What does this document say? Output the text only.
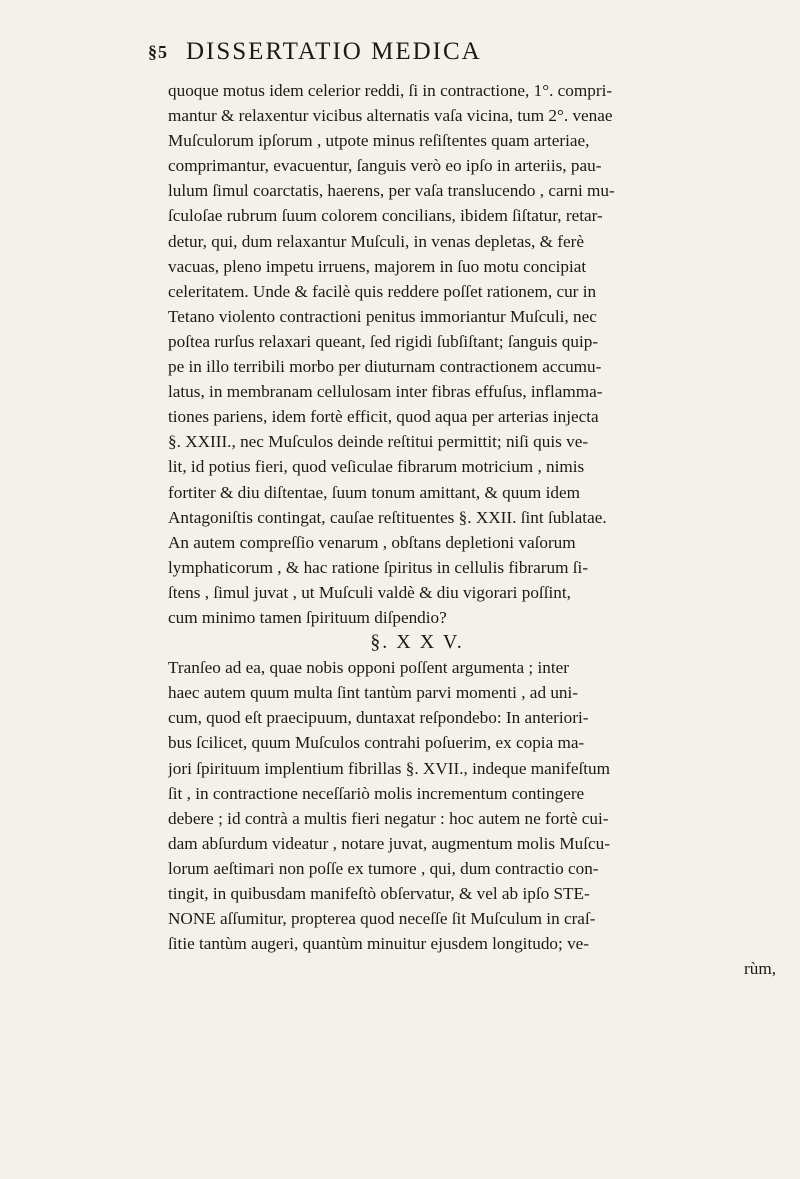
§5 DISSERTATIO MEDICA
quoque motus idem celerior reddi, ſi in contractione, 1°. compri-
mantur & relaxentur vicibus alternatis vaſa vicina, tum 2°. venae
Muſculorum ipſorum , utpote minus reſiſtentes quam arteriae,
comprimantur, evacuentur, ſanguis verò eo ipſo in arteriis, pau-
lulum ſimul coarctatis, haerens, per vaſa translucendo , carni mu-
ſculoſae rubrum ſuum colorem concilians, ibidem ſiſtatur, retar-
detur, qui, dum relaxantur Muſculi, in venas depletas, & ferè
vacuas, pleno impetu irruens, majorem in ſuo motu concipiat
celeritatem. Unde & facilè quis reddere poſſet rationem, cur in
Tetano violento contractioni penitus immoriantur Muſculi, nec
poſtea rurſus relaxari queant, ſed rigidi ſubſiſtant; ſanguis quip-
pe in illo terribili morbo per diuturnam contractionem accumu-
latus, in membranam cellulosam inter fibras effuſus, inflamma-
tiones pariens, idem fortè efficit, quod aqua per arterias injecta
§. XXIII., nec Muſculos deinde reſtitui permittit; niſi quis ve-
lit, id potius fieri, quod veſiculae fibrarum motricium , nimis
fortiter & diu diſtentae, ſuum tonum amittant, & quum idem
Antagoniſtis contingat, cauſae reſtituentes §. XXII. ſint ſublatae.
An autem compreſſio venarum , obſtans depletioni vaſorum
lymphaticorum , & hac ratione ſpiritus in cellulis fibrarum ſi-
ſtens , ſimul juvat , ut Muſculi valdè & diu vigorari poſſint,
cum minimo tamen ſpirituum diſpendio?
§. X X V.
Tranſeo ad ea, quae nobis opponi poſſent argumenta ; inter
haec autem quum multa ſint tantùm parvi momenti , ad uni-
cum, quod eſt praecipuum, duntaxat reſpondebo: In anteriori-
bus ſcilicet, quum Muſculos contrahi poſuerim, ex copia ma-
jori ſpirituum implentium fibrillas §. XVII., indeque manifeſtum
ſit , in contractione neceſſariò molis incrementum contingere
debere ; id contrà a multis fieri negatur : hoc autem ne fortè cui-
dam abſurdum videatur , notare juvat, augmentum molis Muſcu-
lorum aeſtimari non poſſe ex tumore , qui, dum contractio con-
tingit, in quibusdam manifeſtò obſervatur, & vel ab ipſo STE-
NONE aſſumitur, propterea quod neceſſe ſit Muſculum in craſ-
ſitie tantùm augeri, quantùm minuitur ejusdem longitudo; ve-
rùm,
